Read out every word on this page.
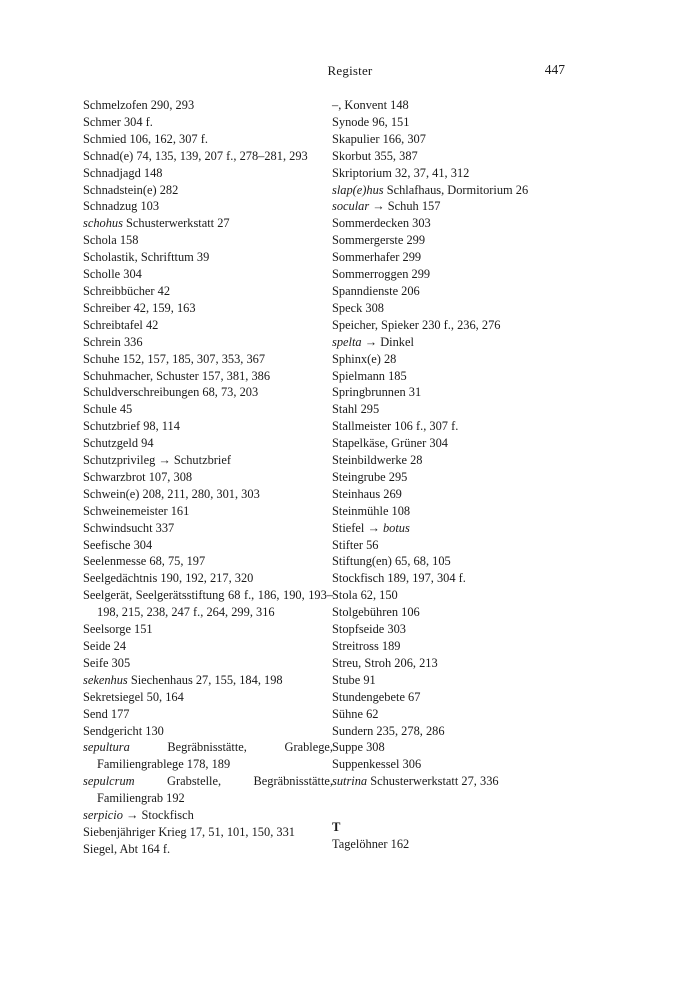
Register	447
Schmelzofen 290, 293
Schmer 304 f.
Schmied 106, 162, 307 f.
Schnad(e) 74, 135, 139, 207 f., 278–281, 293
Schnadjagd 148
Schnadstein(e) 282
Schnadzug 103
schohus Schusterwerkstatt 27
Schola 158
Scholastik, Schrifttum 39
Scholle 304
Schreibbücher 42
Schreiber 42, 159, 163
Schreibtafel 42
Schrein 336
Schuhe 152, 157, 185, 307, 353, 367
Schuhmacher, Schuster 157, 381, 386
Schuldverschreibungen 68, 73, 203
Schule 45
Schutzbrief 98, 114
Schutzgeld 94
Schutzprivileg → Schutzbrief
Schwarzbrot 107, 308
Schwein(e) 208, 211, 280, 301, 303
Schweinemeister 161
Schwindsucht 337
Seefische 304
Seelenmesse 68, 75, 197
Seelgedächtnis 190, 192, 217, 320
Seelgerät, Seelgerätsstiftung 68 f., 186, 190, 193–198, 215, 238, 247 f., 264, 299, 316
Seelsorge 151
Seide 24
Seife 305
sekenhus Siechenhaus 27, 155, 184, 198
Sekretsiegel 50, 164
Send 177
Sendgericht 130
sepultura Begräbnisstätte, Grablege, Familiengrablege 178, 189
sepulcrum Grabstelle, Begräbnisstätte, Familiengrab 192
serpicio → Stockfisch
Siebenjähriger Krieg 17, 51, 101, 150, 331
Siegel, Abt 164 f.
–, Konvent 148
Synode 96, 151
Skapulier 166, 307
Skorbut 355, 387
Skriptorium 32, 37, 41, 312
slap(e)hus Schlafhaus, Dormitorium 26
socular → Schuh 157
Sommerdecken 303
Sommergerste 299
Sommerhafer 299
Sommerroggen 299
Spanndienste 206
Speck 308
Speicher, Spieker 230 f., 236, 276
spelta → Dinkel
Sphinx(e) 28
Spielmann 185
Springbrunnen 31
Stahl 295
Stallmeister 106 f., 307 f.
Stapelkäse, Grüner 304
Steinbildwerke 28
Steingrube 295
Steinhaus 269
Steinmühle 108
Stiefel → botus
Stifter 56
Stiftung(en) 65, 68, 105
Stockfisch 189, 197, 304 f.
Stola 62, 150
Stolgebühren 106
Stopfseide 303
Streitross 189
Streu, Stroh 206, 213
Stube 91
Stundengebete 67
Sühne 62
Sundern 235, 278, 286
Suppe 308
Suppenkessel 306
sutrina Schusterwerkstatt 27, 336
T
Tagelöhner 162
